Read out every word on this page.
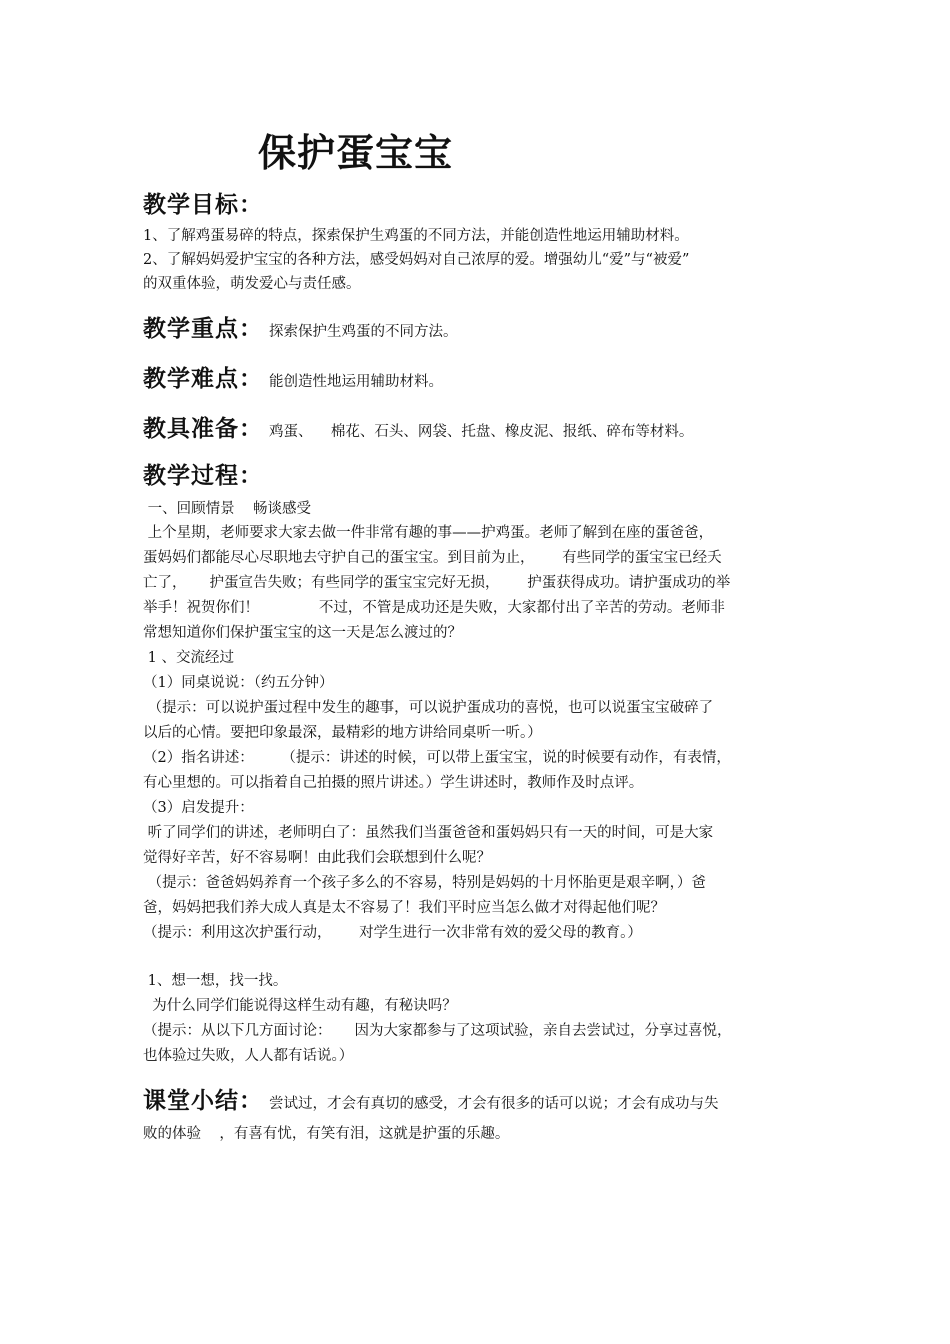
保护蛋宝宝
教学目标：
1、了解鸡蛋易碎的特点，探索保护生鸡蛋的不同方法，并能创造性地运用辅助材料。
2、了解妈妈爱护宝宝的各种方法，感受妈妈对自己浓厚的爱。增强幼儿“爱”与“被爱”
的双重体验，萌发爱心与责任感。
教学重点： 探索保护生鸡蛋的不同方法。
教学难点： 能创造性地运用辅助材料。
教具准备： 鸡蛋、    棉花、石头、网袋、托盘、橡皮泥、报纸、碎布等材料。
教学过程：
一、回顾情景    畅谈感受
上个星期，老师要求大家去做一件非常有趣的事——护鸡蛋。老师了解到在座的蛋爸爸，
蛋妈妈们都能尽心尽职地去守护自己的蛋宝宝。到目前为止，      有些同学的蛋宝宝已经夭
亡了，     护蛋宣告失败；有些同学的蛋宝宝完好无损，      护蛋获得成功。请护蛋成功的举
举手！祝贺你们！             不过，不管是成功还是失败，大家都付出了辛苦的劳动。老师非
常想知道你们保护蛋宝宝的这一天是怎么渡过的？
1 、交流经过
（1）同桌说说：（约五分钟）
（提示：可以说护蛋过程中发生的趣事，可以说护蛋成功的喜悦，也可以说蛋宝宝破碎了
以后的心情。要把印象最深，最精彩的地方讲给同桌听一听。）
（2）指名讲述：      （提示：讲述的时候，可以带上蛋宝宝，说的时候要有动作，有表情，
有心里想的。可以指着自己拍摄的照片讲述。）学生讲述时，教师作及时点评。
（3）启发提升：
听了同学们的讲述，老师明白了：虽然我们当蛋爸爸和蛋妈妈只有一天的时间，可是大家
觉得好辛苦，好不容易啊！由此我们会联想到什么呢？
（提示：爸爸妈妈养育一个孩子多么的不容易，特别是妈妈的十月怀胎更是艰辛啊，）爸
爸，妈妈把我们养大成人真是太不容易了！我们平时应当怎么做才对得起他们呢？
（提示：利用这次护蛋行动，      对学生进行一次非常有效的爱父母的教育。）
1、想一想，找一找。
为什么同学们能说得这样生动有趣，有秘诀吗？
（提示：从以下几方面讨论：     因为大家都参与了这项试验，亲自去尝试过，分享过喜悦，
也体验过失败，人人都有话说。）
课堂小结： 尝试过，才会有真切的感受，才会有很多的话可以说；才会有成功与失
败的体验    ，有喜有忧，有笑有泪，这就是护蛋的乐趣。
